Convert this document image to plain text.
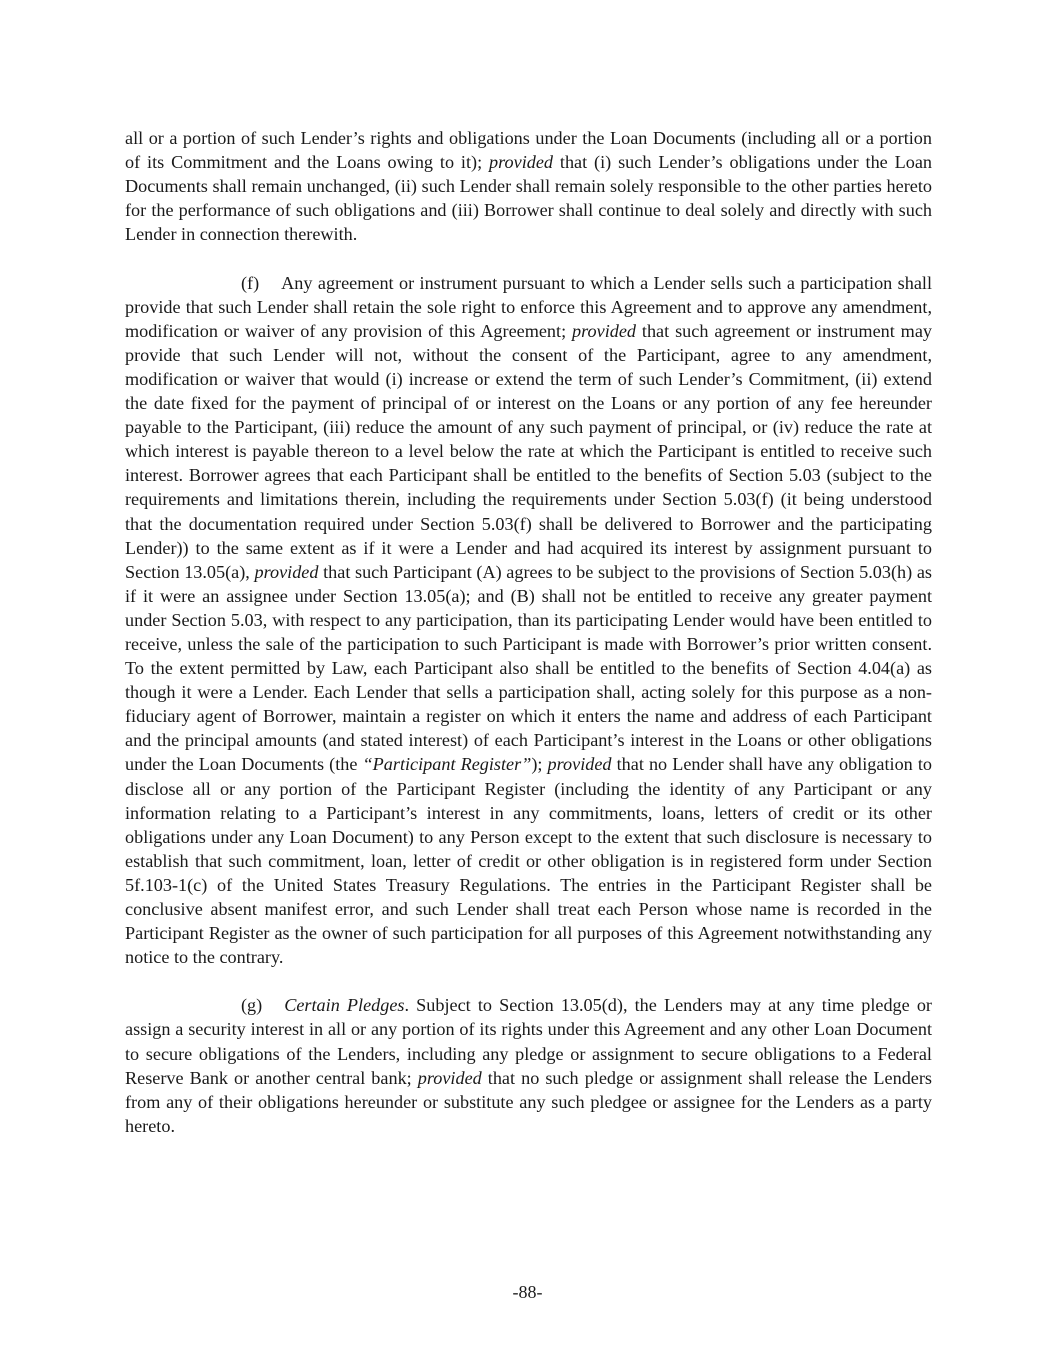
all or a portion of such Lender’s rights and obligations under the Loan Documents (including all or a portion of its Commitment and the Loans owing to it); provided that (i) such Lender’s obligations under the Loan Documents shall remain unchanged, (ii) such Lender shall remain solely responsible to the other parties hereto for the performance of such obligations and (iii) Borrower shall continue to deal solely and directly with such Lender in connection therewith.

(f) Any agreement or instrument pursuant to which a Lender sells such a participation shall provide that such Lender shall retain the sole right to enforce this Agreement and to approve any amendment, modification or waiver of any provision of this Agreement; provided that such agreement or instrument may provide that such Lender will not, without the consent of the Participant, agree to any amendment, modification or waiver that would (i) increase or extend the term of such Lender’s Commitment, (ii) extend the date fixed for the payment of principal of or interest on the Loans or any portion of any fee hereunder payable to the Participant, (iii) reduce the amount of any such payment of principal, or (iv) reduce the rate at which interest is payable thereon to a level below the rate at which the Participant is entitled to receive such interest. Borrower agrees that each Participant shall be entitled to the benefits of Section 5.03 (subject to the requirements and limitations therein, including the requirements under Section 5.03(f) (it being understood that the documentation required under Section 5.03(f) shall be delivered to Borrower and the participating Lender)) to the same extent as if it were a Lender and had acquired its interest by assignment pursuant to Section 13.05(a), provided that such Participant (A) agrees to be subject to the provisions of Section 5.03(h) as if it were an assignee under Section 13.05(a); and (B) shall not be entitled to receive any greater payment under Section 5.03, with respect to any participation, than its participating Lender would have been entitled to receive, unless the sale of the participation to such Participant is made with Borrower’s prior written consent. To the extent permitted by Law, each Participant also shall be entitled to the benefits of Section 4.04(a) as though it were a Lender. Each Lender that sells a participation shall, acting solely for this purpose as a non-fiduciary agent of Borrower, maintain a register on which it enters the name and address of each Participant and the principal amounts (and stated interest) of each Participant’s interest in the Loans or other obligations under the Loan Documents (the “Participant Register”); provided that no Lender shall have any obligation to disclose all or any portion of the Participant Register (including the identity of any Participant or any information relating to a Participant’s interest in any commitments, loans, letters of credit or its other obligations under any Loan Document) to any Person except to the extent that such disclosure is necessary to establish that such commitment, loan, letter of credit or other obligation is in registered form under Section 5f.103-1(c) of the United States Treasury Regulations. The entries in the Participant Register shall be conclusive absent manifest error, and such Lender shall treat each Person whose name is recorded in the Participant Register as the owner of such participation for all purposes of this Agreement notwithstanding any notice to the contrary.

(g) Certain Pledges. Subject to Section 13.05(d), the Lenders may at any time pledge or assign a security interest in all or any portion of its rights under this Agreement and any other Loan Document to secure obligations of the Lenders, including any pledge or assignment to secure obligations to a Federal Reserve Bank or another central bank; provided that no such pledge or assignment shall release the Lenders from any of their obligations hereunder or substitute any such pledgee or assignee for the Lenders as a party hereto.

-88-
